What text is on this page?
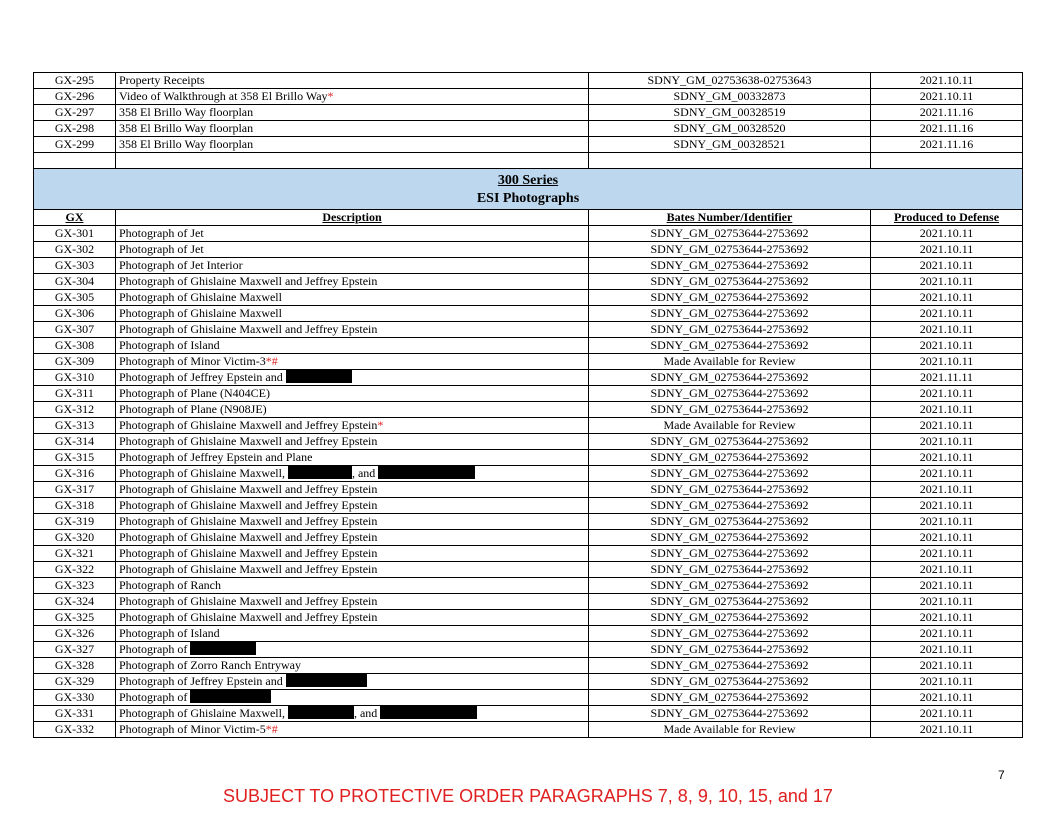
GX-295	Property Receipts	SDNY_GM_02753638-02753643	2021.10.11
GX-296	Video of Walkthrough at 358 El Brillo Way*	SDNY_GM_00332873	2021.10.11
GX-297	358 El Brillo Way floorplan	SDNY_GM_00328519	2021.11.16
GX-298	358 El Brillo Way floorplan	SDNY_GM_00328520	2021.11.16
GX-299	358 El Brillo Way floorplan	SDNY_GM_00328521	2021.11.16

300 Series
ESI Photographs			
GX	Description	Bates Number/Identifier	Produced to Defense
GX-301	Photograph of Jet	SDNY_GM_02753644-2753692	2021.10.11
GX-302	Photograph of Jet	SDNY_GM_02753644-2753692	2021.10.11
GX-303	Photograph of Jet Interior	SDNY_GM_02753644-2753692	2021.10.11
GX-304	Photograph of Ghislaine Maxwell and Jeffrey Epstein	SDNY_GM_02753644-2753692	2021.10.11
GX-305	Photograph of Ghislaine Maxwell	SDNY_GM_02753644-2753692	2021.10.11
GX-306	Photograph of Ghislaine Maxwell	SDNY_GM_02753644-2753692	2021.10.11
GX-307	Photograph of Ghislaine Maxwell and Jeffrey Epstein	SDNY_GM_02753644-2753692	2021.10.11
GX-308	Photograph of Island	SDNY_GM_02753644-2753692	2021.10.11
GX-309	Photograph of Minor Victim-3*#	Made Available for Review	2021.10.11
GX-310	Photograph of Jeffrey Epstein and	SDNY_GM_02753644-2753692	2021.11.11
GX-311	Photograph of Plane (N404CE)	SDNY_GM_02753644-2753692	2021.10.11
GX-312	Photograph of Plane (N908JE)	SDNY_GM_02753644-2753692	2021.10.11
GX-313	Photograph of Ghislaine Maxwell and Jeffrey Epstein*	Made Available for Review	2021.10.11
GX-314	Photograph of Ghislaine Maxwell and Jeffrey Epstein	SDNY_GM_02753644-2753692	2021.10.11
GX-315	Photograph of Jeffrey Epstein and Plane	SDNY_GM_02753644-2753692	2021.10.11
GX-316	Photograph of Ghislaine Maxwell, , and	SDNY_GM_02753644-2753692	2021.10.11
GX-317	Photograph of Ghislaine Maxwell and Jeffrey Epstein	SDNY_GM_02753644-2753692	2021.10.11
GX-318	Photograph of Ghislaine Maxwell and Jeffrey Epstein	SDNY_GM_02753644-2753692	2021.10.11
GX-319	Photograph of Ghislaine Maxwell and Jeffrey Epstein	SDNY_GM_02753644-2753692	2021.10.11
GX-320	Photograph of Ghislaine Maxwell and Jeffrey Epstein	SDNY_GM_02753644-2753692	2021.10.11
GX-321	Photograph of Ghislaine Maxwell and Jeffrey Epstein	SDNY_GM_02753644-2753692	2021.10.11
GX-322	Photograph of Ghislaine Maxwell and Jeffrey Epstein	SDNY_GM_02753644-2753692	2021.10.11
GX-323	Photograph of Ranch	SDNY_GM_02753644-2753692	2021.10.11
GX-324	Photograph of Ghislaine Maxwell and Jeffrey Epstein	SDNY_GM_02753644-2753692	2021.10.11
GX-325	Photograph of Ghislaine Maxwell and Jeffrey Epstein	SDNY_GM_02753644-2753692	2021.10.11
GX-326	Photograph of Island	SDNY_GM_02753644-2753692	2021.10.11
GX-327	Photograph of	SDNY_GM_02753644-2753692	2021.10.11
GX-328	Photograph of Zorro Ranch Entryway	SDNY_GM_02753644-2753692	2021.10.11
GX-329	Photograph of Jeffrey Epstein and	SDNY_GM_02753644-2753692	2021.10.11
GX-330	Photograph of	SDNY_GM_02753644-2753692	2021.10.11
GX-331	Photograph of Ghislaine Maxwell, , and	SDNY_GM_02753644-2753692	2021.10.11
GX-332	Photograph of Minor Victim-5*#	Made Available for Review	2021.10.11
7
SUBJECT TO PROTECTIVE ORDER PARAGRAPHS 7, 8, 9, 10, 15, and 17
